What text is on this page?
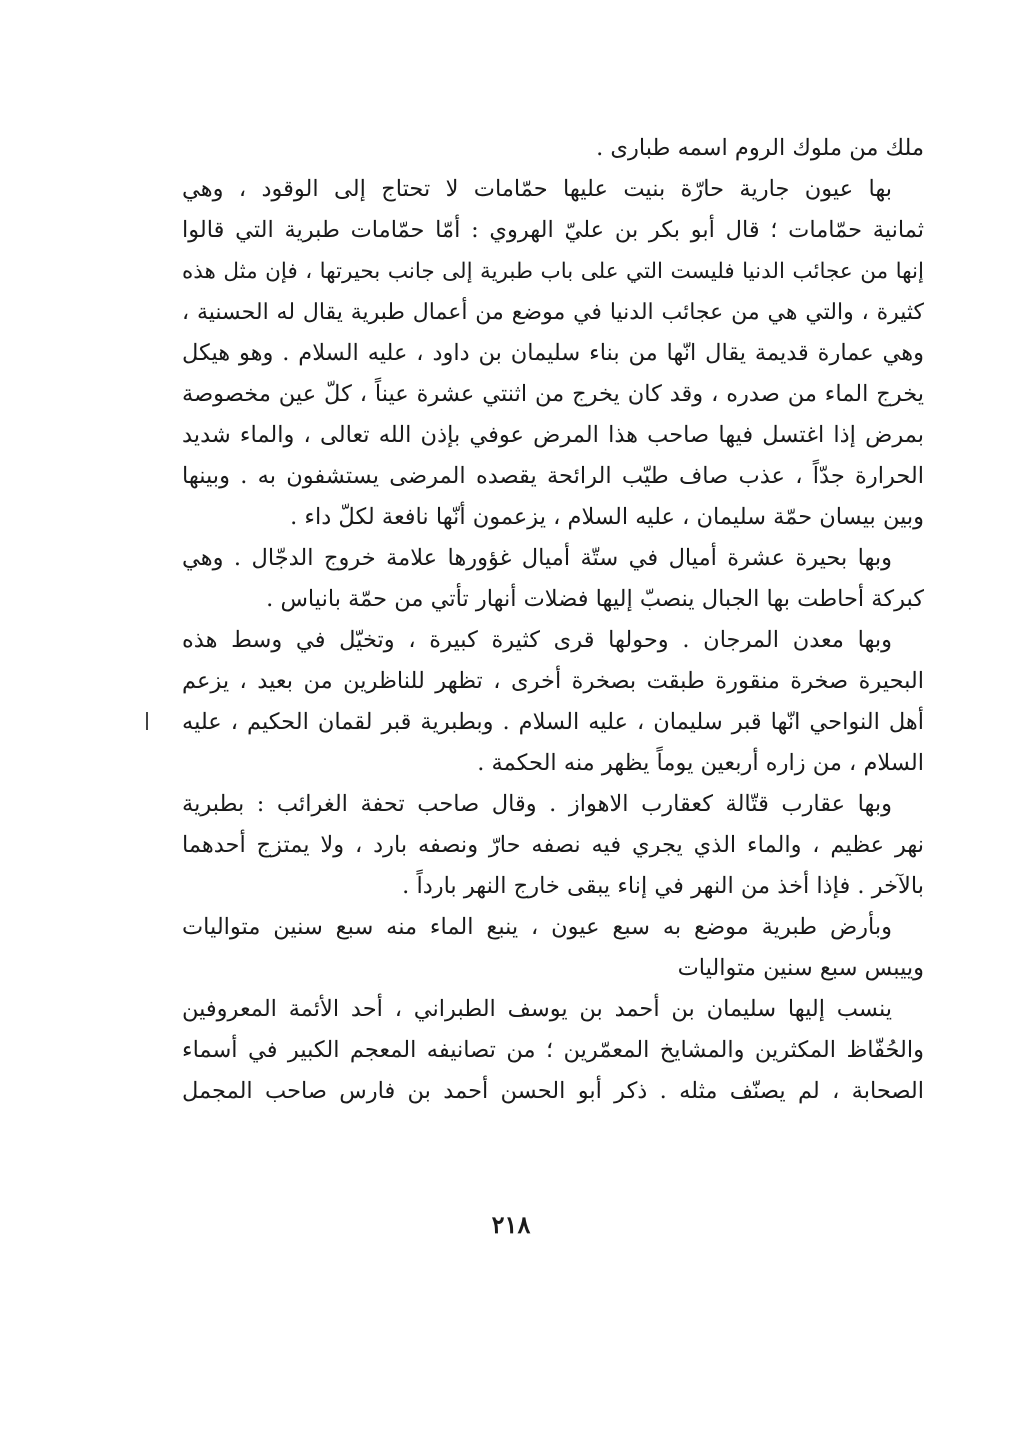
ملك من ملوك الروم اسمه طبارى .
بها عيون جارية حارّة بنيت عليها حمّامات لا تحتاج إلى الوقود ، وهي
ثمانية حمّامات ؛ قال أبو بكر بن عليّ الهروي : أمّا حمّامات طبرية التي قالوا
إنها من عجائب الدنيا فليست التي على باب طبرية إلى جانب بحيرتها ، فإن مثل هذه
كثيرة ، والتي هي من عجائب الدنيا في موضع من أعمال طبرية يقال له الحسنية ،
وهي عمارة قديمة يقال انّها من بناء سليمان بن داود ، عليه السلام . وهو هيكل
يخرج الماء من صدره ، وقد كان يخرج من اثنتي عشرة عيناً ، كلّ عين مخصوصة
بمرض إذا اغتسل فيها صاحب هذا المرض عوفي بإذن الله تعالى ، والماء شديد
الحرارة جدّاً ، عذب صاف طيّب الرائحة يقصده المرضى يستشفون به . وبينها
وبين بيسان حمّة سليمان ، عليه السلام ، يزعمون أنّها نافعة لكلّ داء .
وبها بحيرة عشرة أميال في ستّة أميال غؤورها علامة خروج الدجّال . وهي
كبركة أحاطت بها الجبال ينصبّ إليها فضلات أنهار تأتي من حمّة بانياس .
وبها معدن المرجان . وحولها قرى كثيرة كبيرة ، وتخيّل في وسط هذه
البحيرة صخرة منقورة طبقت بصخرة أخرى ، تظهر للناظرين من بعيد ، يزعم
أهل النواحي انّها قبر سليمان ، عليه السلام . وبطبرية قبر لقمان الحكيم ، عليه
السلام ، من زاره أربعين يوماً يظهر منه الحكمة .
وبها عقارب قتّالة كعقارب الاهواز . وقال صاحب تحفة الغرائب : بطبرية
نهر عظيم ، والماء الذي يجري فيه نصفه حارّ ونصفه بارد ، ولا يمتزج أحدهما
بالآخر . فإذا أخذ من النهر في إناء يبقى خارج النهر بارداً .
وبأرض طبرية موضع به سبع عيون ، ينبع الماء منه سبع سنين متواليات
وييبس سبع سنين متواليات
ينسب إليها سليمان بن أحمد بن يوسف الطبراني ، أحد الأئمة المعروفين
والحُفّاظ المكثرين والمشايخ المعمّرين ؛ من تصانيفه المعجم الكبير في أسماء
الصحابة ، لم يصنّف مثله . ذكر أبو الحسن أحمد بن فارس صاحب المجمل
٢١٨
